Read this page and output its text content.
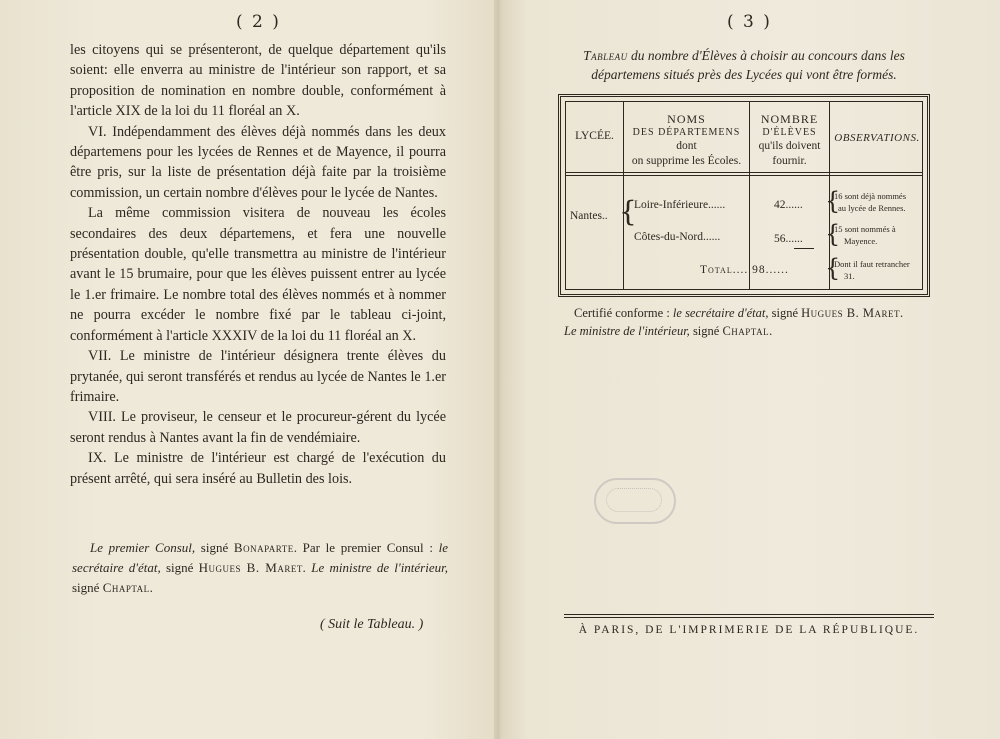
( 2 )

les citoyens qui se présenteront, de quelque département qu'ils soient: elle enverra au ministre de l'intérieur son rapport, et sa proposition de nomination en nombre double, conformément à l'article XIX de la loi du 11 floréal an X.

VI. Indépendamment des élèves déjà nommés dans les deux départemens pour les lycées de Rennes et de Mayence, il pourra être pris, sur la liste de présentation déjà faite par la troisième commission, un certain nombre d'élèves pour le lycée de Nantes.

La même commission visitera de nouveau les écoles secondaires des deux départemens, et fera une nouvelle présentation double, qu'elle transmettra au ministre de l'intérieur avant le 15 brumaire, pour que les élèves puissent entrer au lycée le 1.er frimaire. Le nombre total des élèves nommés et à nommer ne pourra excéder le nombre fixé par le tableau ci-joint, conformément à l'article XXXIV de la loi du 11 floréal an X.

VII. Le ministre de l'intérieur désignera trente élèves du prytanée, qui seront transférés et rendus au lycée de Nantes le 1.er frimaire.

VIII. Le proviseur, le censeur et le procureur-gérent du lycée seront rendus à Nantes avant la fin de vendémiaire.

IX. Le ministre de l'intérieur est chargé de l'exécution du présent arrêté, qui sera inséré au Bulletin des lois.

Le premier Consul, signé Bonaparte. Par le premier Consul : le secrétaire d'état, signé Hugues B. Maret. Le ministre de l'intérieur, signé Chaptal.
( Suit le Tableau. )
( 3 )
Tableau du nombre d'Élèves à choisir au concours dans les départemens situés près des Lycées qui vont être formés.
LYCÉE.
NOMS
DES DÉPARTEMENS
dont
on supprime les Écoles.
NOMBRE
D'ÉLÈVES
qu'ils doivent
fournir.
OBSERVATIONS.
Nantes.. {
Loire-Inférieure......	42...... {
16 sont déjà nommés
au lycée de Rennes.
Côtes-du-Nord......	56...... {
15 sont nommés à
Mayence.
Total.... 98...... {
Dont il faut retrancher
31.
Certifié conforme : le secrétaire d'état, signé Hugues B. Maret.
Le ministre de l'intérieur, signé Chaptal.
À PARIS, DE L'IMPRIMERIE DE LA RÉPUBLIQUE.
